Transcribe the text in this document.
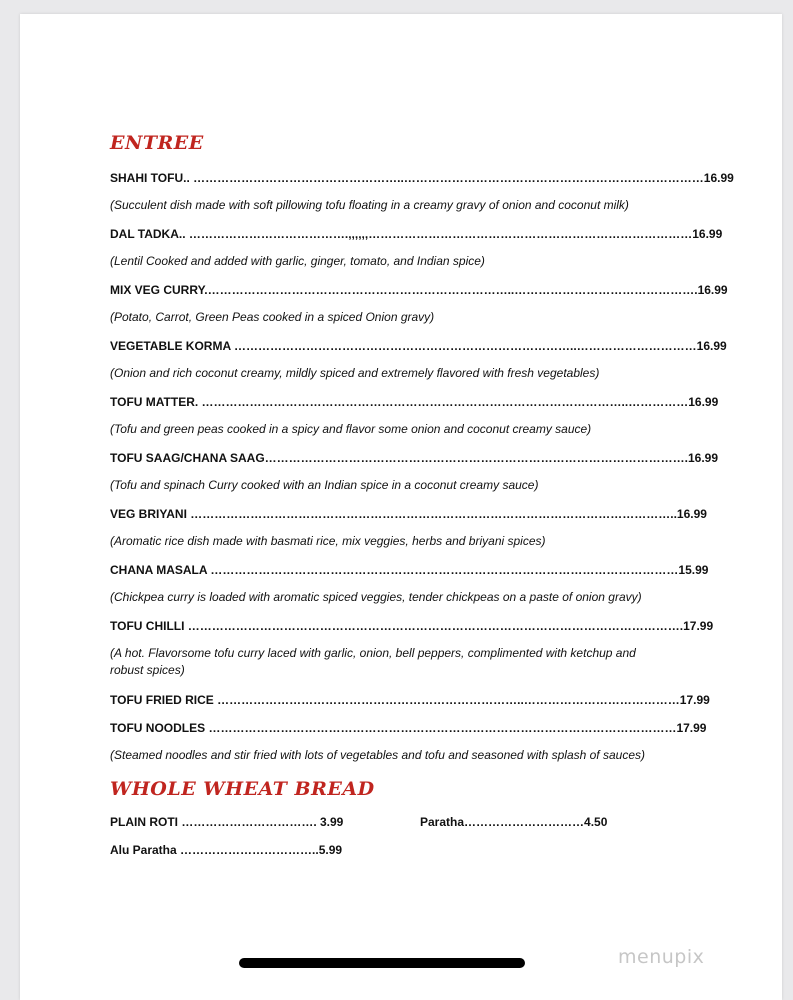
ENTREE
SHAHI TOFU.. ……………………………………………..…………………………………………………………………16.99
(Succulent dish made with soft pillowing tofu floating in a creamy gravy of onion and coconut milk)
DAL TADKA.. ………………………………….,,,,,,………………………………………………………………………16.99
(Lentil Cooked and added with garlic, ginger, tomato, and Indian spice)
MIX VEG CURRY.…………………………………………………………………..……………………………………….16.99
(Potato, Carrot, Green Peas cooked in a spiced Onion gravy)
VEGETABLE KORMA …………………………………………………………………………..…………………………16.99
(Onion and rich coconut creamy, mildly spiced and extremely flavored with fresh vegetables)
TOFU MATTER. ……………………………………………………………………………………………..……………16.99
(Tofu and green peas cooked in a spicy and flavor some onion and coconut creamy sauce)
TOFU SAAG/CHANA SAAG…………………………………………………………………………………………….16.99
(Tofu and spinach Curry cooked with an Indian spice in a coconut creamy sauce)
VEG BRIYANI …………………………………………………………………………………………………………..16.99
(Aromatic rice dish made with basmati rice, mix veggies, herbs and briyani spices)
CHANA MASALA ………………………………………………………………………………………………………15.99
(Chickpea curry is loaded with aromatic spiced veggies, tender chickpeas on a paste of onion gravy)
TOFU CHILLI …………………………………………………………………………………………………………….17.99
(A hot. Flavorsome tofu curry laced with garlic, onion, bell peppers, complimented with ketchup and robust spices)
TOFU FRIED RICE …………………………………………………………………..…………………………………17.99
TOFU NOODLES ………………………………………………………………………………………………………17.99
(Steamed noodles and stir fried with lots of vegetables and tofu and seasoned with splash of sauces)
WHOLE WHEAT BREAD
PLAIN ROTI ……………………………. 3.99	Paratha…………………………4.50
Alu Paratha ……………………………..5.99
menupix
